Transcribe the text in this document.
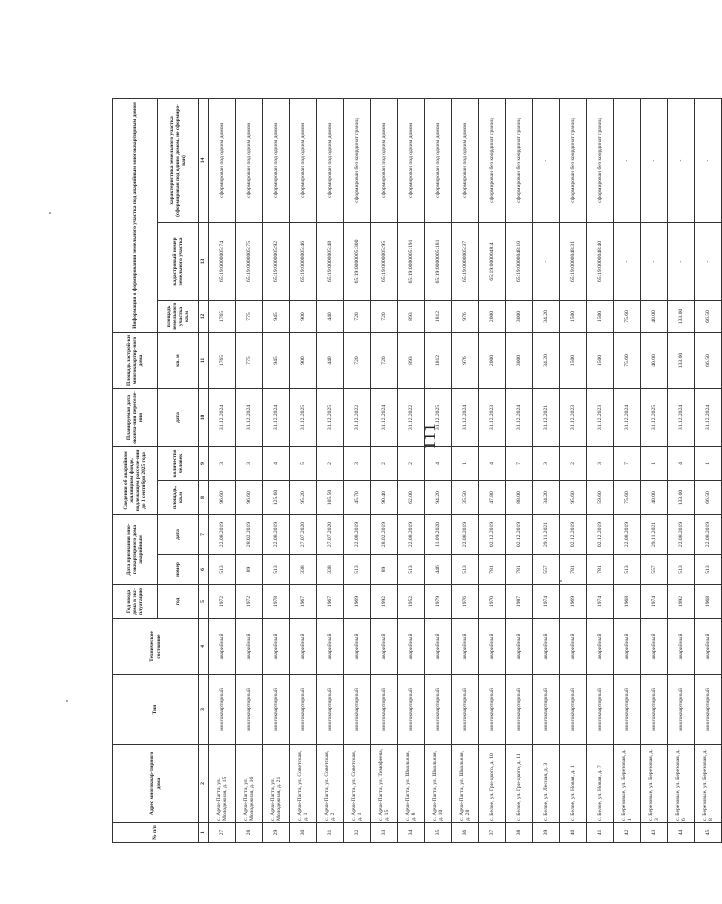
111
№ п/п	Адрес многоквар-тирного дома	Тип	Техническое состояние	Год ввода дома в экс-плуатацию	Дата признания мно-гоквартирного дома аварийным		Сведения об аварийном жилищном фонде, подлежащем расселе-нии до 1 сентября 2025 года		Планируемая дата оконча-ния переселе-ния	Площадь застрой-ки многоквартир-ного дома	Информация о формировании земельного участка под аварийным многоквартирным домом		
				год	номер	дата	площадь, кв.м	количество человек	дата	кв. м	площадь земельного участка
кв.м	кадастровый номер земельного участка	характеристика земельного участка (сформирован под одним домом, не сформиро-ван)
1	2	3	4	5	6	7	8	9	10	11	12	13	14
27	с. Арчи-Пагта, ул. Молодежная, д. 15	многоквартирный	аварийный	1972	513	22.08.2019	96.60	3	31.12.2024	1765	1765	65:19:0000005:74	сформирован под одним домом
28	с. Арчи-Пагта, ул. Молодежная, д. 16	многоквартирный	аварийный	1972	89	28.02.2019	96.60	3	31.12.2024	775	775	65:19:0000005:75	сформирован под одним домом
29	с. Арчи-Пагта, ул. Молодежная, д. 21	многоквартирный	аварийный	1978	513	22.08.2019	125.60	4	31.12.2024	945	945	65:19:0000005:92	сформирован под одним домом
30	с. Арчи-Пагта, ул. Советская, д. 1	многоквартирный	аварийный	1967	338	27.07.2020	95.20	5	31.12.2025	900	900	65:19:0000005:46	сформирован под одним домом
31	с. Арчи-Пагта, ул. Советская, д. 2	многоквартирный	аварийный	1967	338	27.07.2020	105.50	2	31.12.2025	440	440	65:19:0000005:48	сформирован под одним домом
32	с. Арчи-Пагта, ул. Советская, д. 1	многоквартирный	аварийный	1969	513	22.08.2019	45.70	3	31.12.2022	720	720	65:19:0000005:300	сформирован без координат границ
33	с. Арчи-Пагта, ул. Тимофеева, д. 15	многоквартирный	аварийный	1992	89	28.02.2019	90.40	2	31.12.2024	720	720	65:19:0000005:95	сформирован под одним домом
34	с. Арчи-Пагта, ул. Школьная, д. 8	многоквартирный	аварийный	1952	513	22.08.2019	62.00	2	31.12.2022	893	893	65:19:0000005:191	сформирован под одним домом
35	с. Арчи-Пагта, ул. Школьная, д. 10	многоквартирный	аварийный	1979	446	11.09.2020	94.20	4	31.12.2025	1812	1812	65:19:0000005:181	сформирован под одним домом
36	с. Арчи-Пагта, ул. Школьная, д. 28	многоквартирный	аварийный	1976	513	22.08.2019	35.50	1	31.12.2024	976	976	65:19:0000005:37	сформирован под одним домом
37	с. Белое, ул. Гри-цкого, д. 10	многоквартирный	аварийный	1970	781	02.12.2019	47.80	4	31.12.2023	2000	2000	65:19:0000048:4	сформирован без координат границ
38	с. Белое, ул. Гри-цкого, д. 11	многоквартирный	аварийный	1987	781	02.12.2019	88.00	7	31.12.2024	3000	3000	65:19:0000048:10	сформирован без координат границ
39	с. Белое, ул. Лесная, д. 3	многоквартирный	аварийный	1974	557	29.11.2021	34.20	3	31.12.2021	34.20	34.20	-	-
40	с. Белое, ул. Новая, д. 1	многоквартирный	аварийный	1969	781	02.12.2019	95.60	2	31.12.2023	1500	1500	65:19:0000048:31	сформирован без координат границ
41	с. Белое, ул. Новая, д. 7	многоквартирный	аварийный	1974	781	02.12.2019	59.60	3	31.12.2023	1500	1500	65:19:0000048:40	сформирован без координат границ
42	с. Березовые, ул. Березовая, д. 1	многоквартирный	аварийный	1968	513	22.08.2019	75.60	7	31.12.2024	75.60	75.60	-	-
43	с. Березовые, ул. Березовая, д. 3	многоквартирный	аварийный	1974	557	29.11.2021	40.00	1	31.12.2025	40.00	40.00	-	-
44	с. Березовые, ул. Березовая, д. 6	многоквартирный	аварийный	1992	513	22.08.2019	133.00	4	31.12.2024	133.00	133.00	-	-
45	с. Березовые, ул. Березовая, д. 8	многоквартирный	аварийный	1968	513	22.08.2019	66.50	1	31.12.2024	66.50	66.50	-	-
